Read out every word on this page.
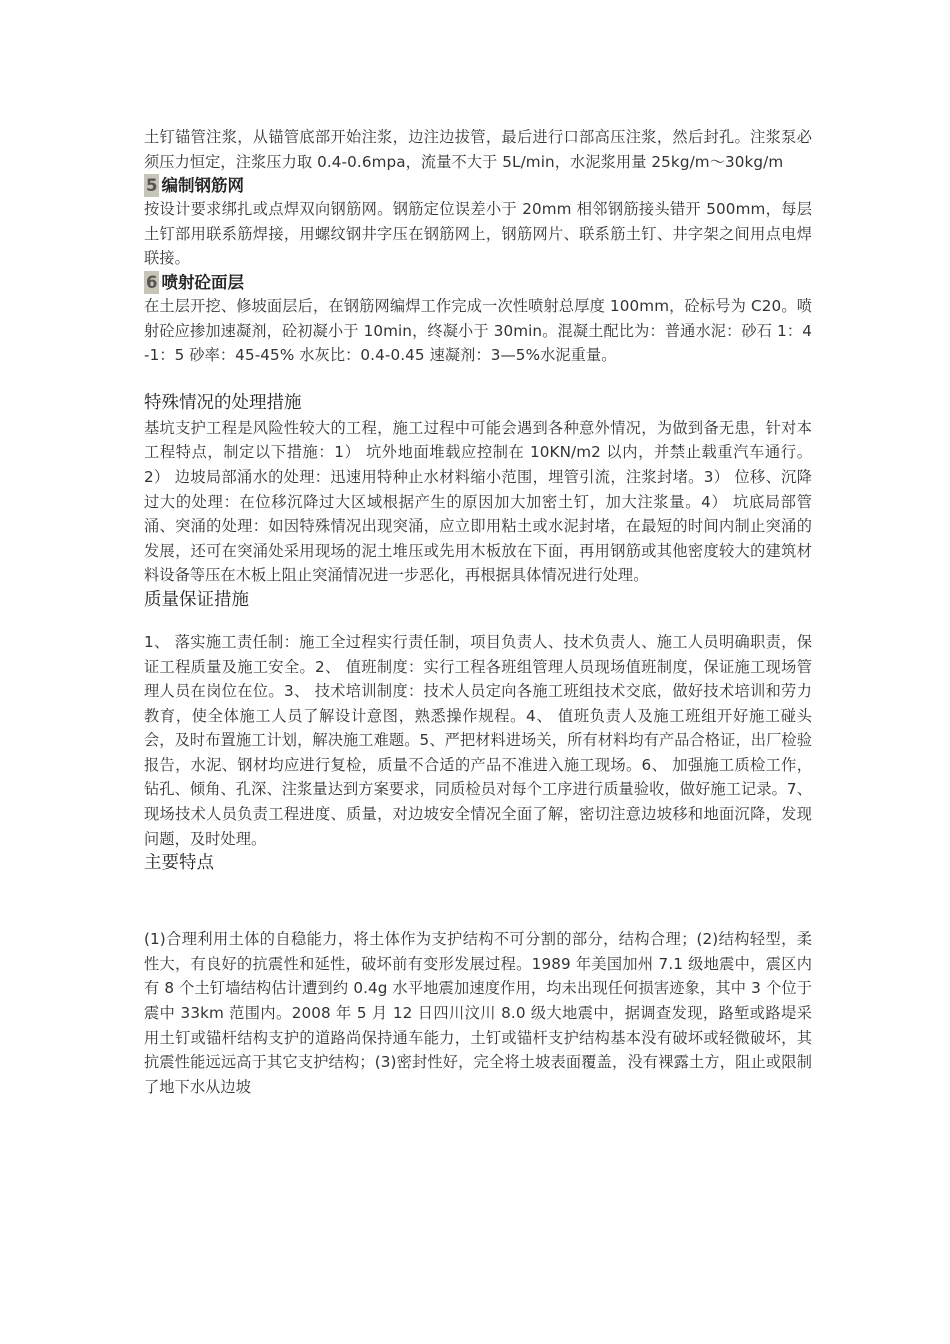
土钉锚管注浆，从锚管底部开始注浆，边注边拔管，最后进行口部高压注浆，然后封孔。注浆泵必须压力恒定，注浆压力取 0.4-0.6mpa，流量不大于 5L/min，水泥浆用量 25kg/m～30kg/m

5 编制钢筋网

按设计要求绑扎或点焊双向钢筋网。钢筋定位误差小于 20mm 相邻钢筋接头错开 500mm，每层土钉部用联系筋焊接，用螺纹钢井字压在钢筋网上，钢筋网片、联系筋土钉、井字架之间用点电焊联接。

6 喷射砼面层

在土层开挖、修坡面层后，在钢筋网编焊工作完成一次性喷射总厚度 100mm，砼标号为 C20。喷射砼应掺加速凝剂，砼初凝小于 10min，终凝小于 30min。混凝土配比为：普通水泥：砂石 1：4-1：5 砂率：45-45% 水灰比：0.4-0.45 速凝剂：3—5%水泥重量。

特殊情况的处理措施

基坑支护工程是风险性较大的工程，施工过程中可能会遇到各种意外情况，为做到备无患，针对本工程特点，制定以下措施：1） 坑外地面堆载应控制在 10KN/m2 以内，并禁止载重汽车通行。2） 边坡局部涌水的处理：迅速用特种止水材料缩小范围，埋管引流，注浆封堵。3） 位移、沉降过大的处理：在位移沉降过大区域根据产生的原因加大加密土钉，加大注浆量。4） 坑底局部管涌、突涌的处理：如因特殊情况出现突涌，应立即用粘土或水泥封堵，在最短的时间内制止突涌的发展，还可在突涌处采用现场的泥土堆压或先用木板放在下面，再用钢筋或其他密度较大的建筑材料设备等压在木板上阻止突涌情况进一步恶化，再根据具体情况进行处理。

质量保证措施

1、 落实施工责任制：施工全过程实行责任制，项目负责人、技术负责人、施工人员明确职责，保证工程质量及施工安全。2、 值班制度：实行工程各班组管理人员现场值班制度，保证施工现场管理人员在岗位在位。3、 技术培训制度：技术人员定向各施工班组技术交底，做好技术培训和劳力教育，使全体施工人员了解设计意图，熟悉操作规程。4、 值班负责人及施工班组开好施工碰头会，及时布置施工计划，解决施工难题。5、严把材料进场关，所有材料均有产品合格证，出厂检验报告，水泥、钢材均应进行复检，质量不合适的产品不准进入施工现场。6、 加强施工质检工作，钻孔、倾角、孔深、注浆量达到方案要求，同质检员对每个工序进行质量验收，做好施工记录。7、 现场技术人员负责工程进度、质量，对边坡安全情况全面了解，密切注意边坡移和地面沉降，发现问题，及时处理。

主要特点

(1)合理利用土体的自稳能力，将土体作为支护结构不可分割的部分，结构合理；(2)结构轻型，柔性大，有良好的抗震性和延性，破坏前有变形发展过程。1989 年美国加州 7.1 级地震中，震区内有 8 个土钉墙结构估计遭到约 0.4g 水平地震加速度作用，均未出现任何损害迹象，其中 3 个位于震中 33km 范围内。2008 年 5 月 12 日四川汶川 8.0 级大地震中，据调查发现，路堑或路堤采用土钉或锚杆结构支护的道路尚保持通车能力，土钉或锚杆支护结构基本没有破坏或轻微破坏，其抗震性能远远高于其它支护结构；(3)密封性好，完全将土坡表面覆盖，没有裸露土方，阻止或限制了地下水从边坡
